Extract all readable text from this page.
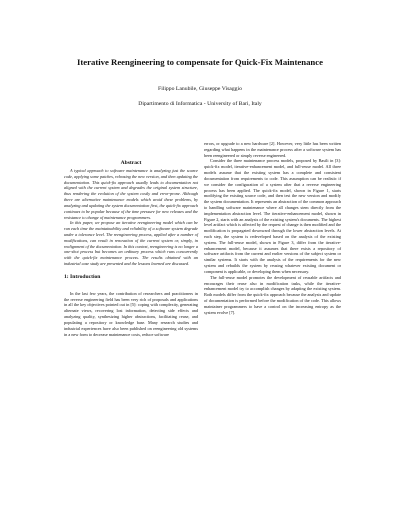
Iterative Reengineering to compensate for Quick-Fix Maintenance

Filippo Lanubile, Giuseppe Visaggio

Dipartimento di Informatica - University of Bari, Italy

Abstract

A typical approach to software maintenance is analyzing just the source code, applying some patches, releasing the new version, and then updating the documentation. This quick-fix approach usually leads to documentation not aligned with the current system and degrades the original system structure, thus rendering the evolution of the system costly and error-prone. Although there are alternative maintenance models which avoid these problems, by analyzing and updating the system documentation first, the quick-fix approach continues to be popular because of the time pressure for new releases and the resistance to change of maintenance programmers.

In this paper, we propose an iterative reengineering model which can be run each time the maintainability and reliability of a software system degrade under a tolerance level. The reengineering process, applied after a number of modifications, can result in renovation of the current system or, simply, in realignment of the documentation. In this context, reengineering is no longer a one-shot process but becomes an ordinary process which runs concurrently with the quick-fix maintenance process. The results obtained with an industrial case study are presented and the lessons learned are discussed.

1: Introduction

In the last few years, the contribution of researchers and practitioners in the reverse engineering field has been very rich of proposals and applications in all the key objectives pointed out in [5]: coping with complexity, generating alternate views, recovering lost information, detecting side effects and analyzing quality, synthesizing higher abstractions, facilitating reuse, and populating a repository or knowledge base. Many research studies and industrial experiences have also been published on reengineering old systems in a new form to decrease maintenance costs, reduce software

errors, or upgrade to a new hardware [2]. However, very little has been written regarding what happens in the maintenance process after a software system has been reengineered or simply reverse engineered.

Consider the three maintenance process models, proposed by Basili in [3]: quick-fix model, iterative-enhancement model, and full-reuse model. All three models assume that the existing system has a complete and consistent documentation from requirements to code. This assumption can be realistic if we consider the configuration of a system after that a reverse engineering process has been applied. The quick-fix model, shown in Figure 1, starts modifying the existing source code, and then test the new version and modify the system documentation. It represents an abstraction of the common approach to handling software maintenance where all changes stem directly from the implementation abstraction level. The iterative-enhancement model, shown in Figure 2, starts with an analysis of the existing system's documents. The highest level artifact which is affected by the request of change is then modified and the modification is propagated downward through the lower abstraction levels. At each step, the system is redeveloped based on the analysis of the existing system. The full-reuse model, shown in Figure 3, differ from the iterative-enhancement model, because it assumes that there exists a repository of software artifacts from the current and earlier versions of the subject system or similar systems. It starts with the analysis of the requirements for the new system and rebuilds the system by reusing whatever existing document or component is applicable, or developing them when necessary.

The full-reuse model promotes the development of reusable artifacts and encourages their reuse also in modification tasks, while the iterative-enhancement model try to accomplish changes by adapting the existing system. Both models differ from the quick-fix approach because the analysis and update of documentation is performed before the modification of the code. This allows maintainer programmers to have a control on the increasing entropy as the system evolve [7].
